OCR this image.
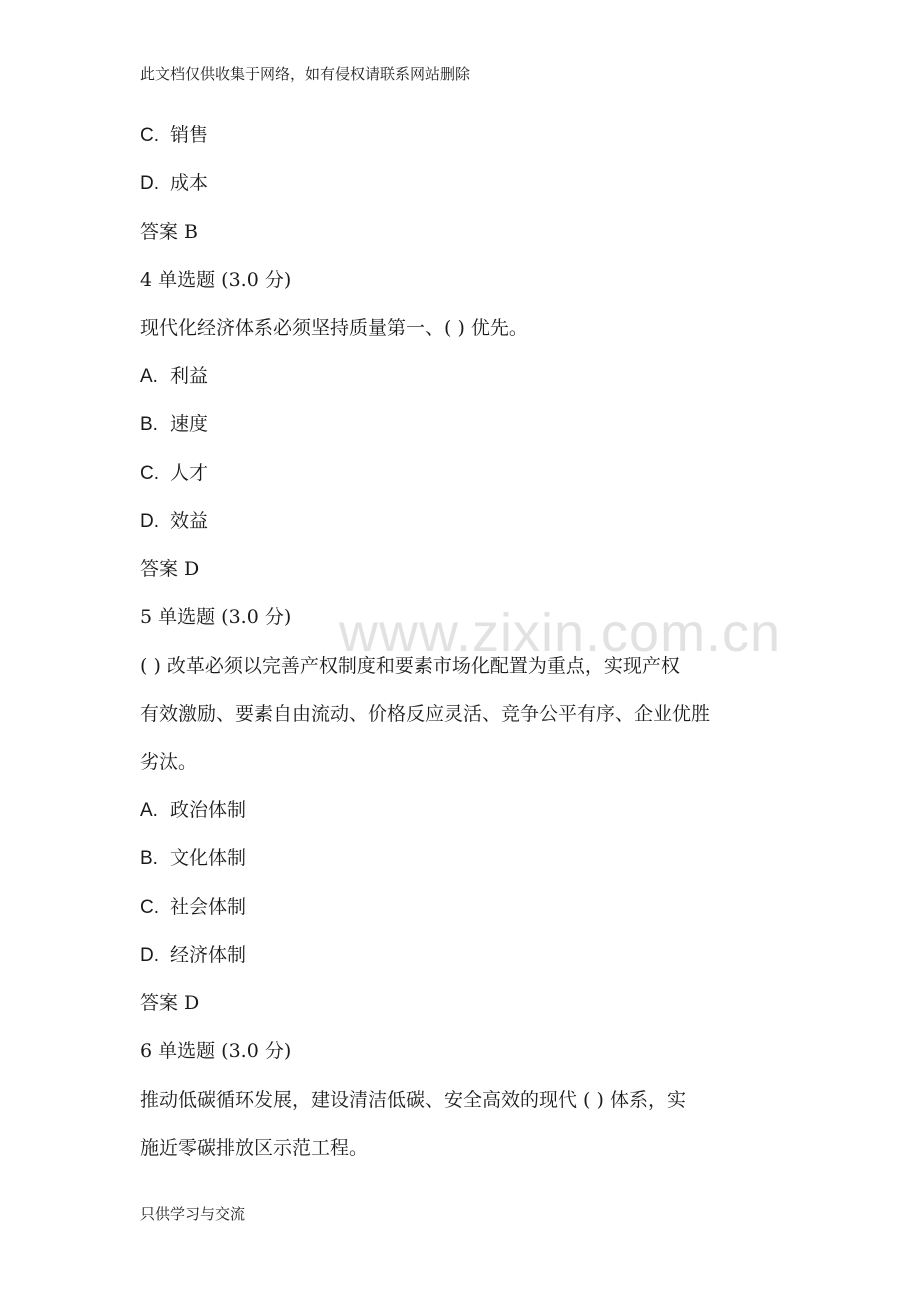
此文档仅供收集于网络，如有侵权请联系网站删除
C. 销售
D. 成本
答案 B
4 单选题 (3.0 分)
现代化经济体系必须坚持质量第一、( ) 优先。
A. 利益
B. 速度
C. 人才
D. 效益
答案 D
5 单选题 (3.0 分)
( ) 改革必须以完善产权制度和要素市场化配置为重点，实现产权
有效激励、要素自由流动、价格反应灵活、竞争公平有序、企业优胜
劣汰。
A. 政治体制
B. 文化体制
C. 社会体制
D. 经济体制
答案 D
6 单选题 (3.0 分)
推动低碳循环发展，建设清洁低碳、安全高效的现代 ( ) 体系，实
施近零碳排放区示范工程。
www.zixin.com.cn
只供学习与交流
